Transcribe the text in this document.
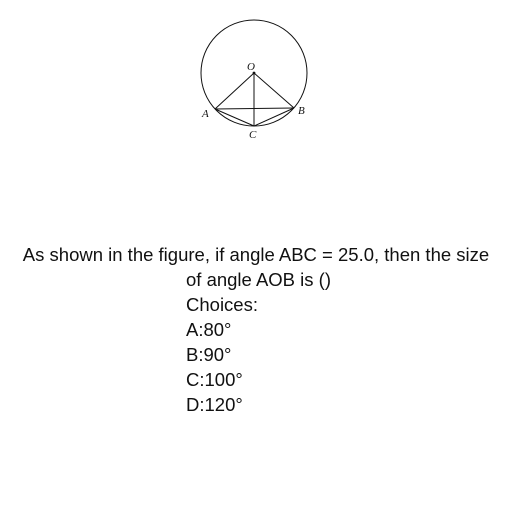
O
A	B
C
As shown in the figure, if angle ABC = 25.0, then the size
of angle AOB is ()
Choices:
A:80°
B:90°
C:100°
D:120°
